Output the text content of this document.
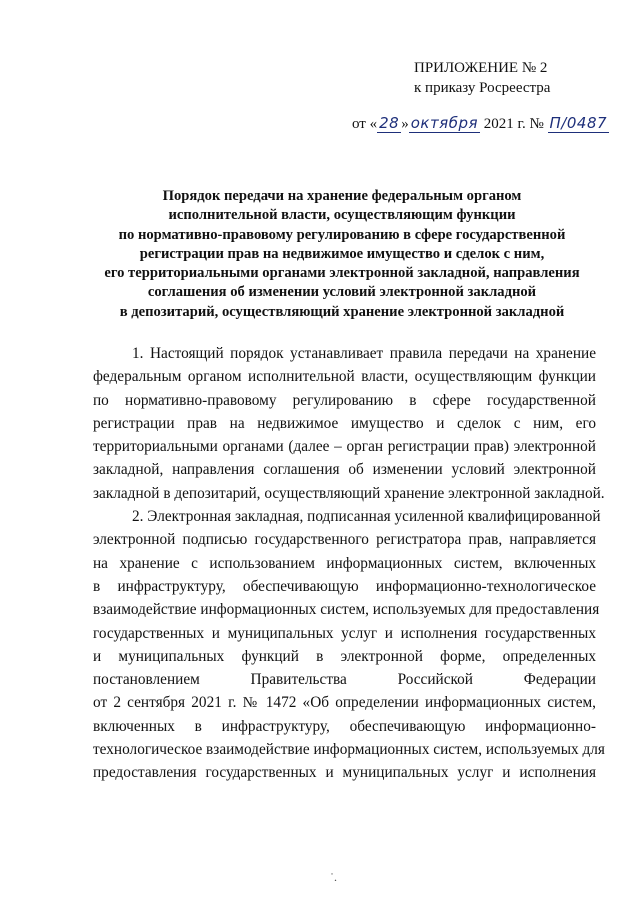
ПРИЛОЖЕНИЕ № 2
к приказу Росреестра
от « 28 » октября 2021 г. № П/0487
Порядок передачи на хранение федеральным органом
исполнительной власти, осуществляющим функции
по нормативно-правовому регулированию в сфере государственной
регистрации прав на недвижимое имущество и сделок с ним,
его территориальными органами электронной закладной, направления
соглашения об изменении условий электронной закладной
в депозитарий, осуществляющий хранение электронной закладной
1. Настоящий порядок устанавливает правила передачи на хранение
федеральным органом исполнительной власти, осуществляющим функции
по нормативно-правовому регулированию в сфере государственной
регистрации прав на недвижимое имущество и сделок с ним, его
территориальными органами (далее – орган регистрации прав) электронной
закладной, направления соглашения об изменении условий электронной
закладной в депозитарий, осуществляющий хранение электронной закладной.
2. Электронная закладная, подписанная усиленной квалифицированной
электронной подписью государственного регистратора прав, направляется
на хранение с использованием информационных систем, включенных
в инфраструктуру, обеспечивающую информационно-технологическое
взаимодействие информационных систем, используемых для предоставления
государственных и муниципальных услуг и исполнения государственных
и муниципальных функций в электронной форме, определенных
постановлением Правительства Российской Федерации
от 2 сентября 2021 г. № 1472 «Об определении информационных систем,
включенных в инфраструктуру, обеспечивающую информационно-
технологическое взаимодействие информационных систем, используемых для
предоставления государственных и муниципальных услуг и исполнения
˙.
